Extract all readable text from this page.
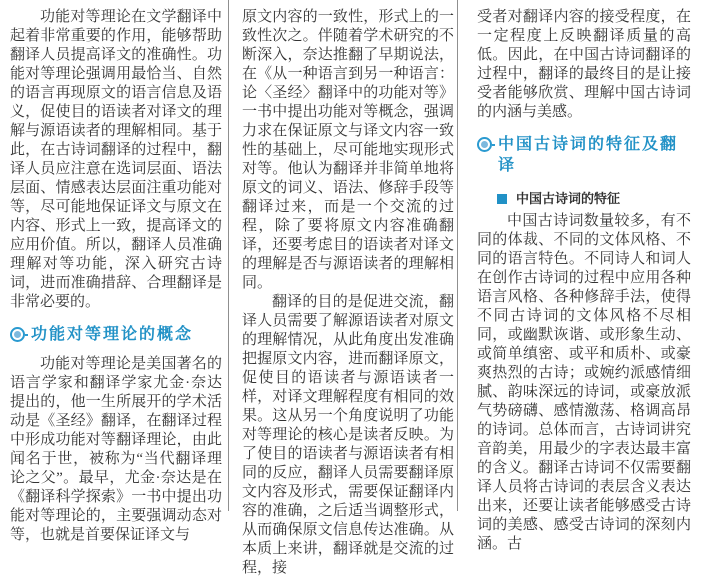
功能对等理论在文学翻译中起着非常重要的作用，能够帮助翻译人员提高译文的准确性。功能对等理论强调用最恰当、自然的语言再现原文的语言信息及语义，促使目的语读者对译文的理解与源语读者的理解相同。基于此，在古诗词翻译的过程中，翻译人员应注意在选词层面、语法层面、情感表达层面注重功能对等，尽可能地保证译文与原文在内容、形式上一致，提高译文的应用价值。所以，翻译人员准确理解对等功能，深入研究古诗词，进而准确措辞、合理翻译是非常必要的。

功能对等理论的概念

功能对等理论是美国著名的语言学家和翻译学家尤金·奈达提出的，他一生所展开的学术活动是《圣经》翻译，在翻译过程中形成功能对等翻译理论，由此闻名于世，被称为“当代翻译理论之父”。最早，尤金·奈达是在《翻译科学探索》一书中提出功能对等理论的，主要强调动态对等，也就是首要保证译文与

原文内容的一致性，形式上的一致性次之。伴随着学术研究的不断深入，奈达推翻了早期说法，在《从一种语言到另一种语言：论〈圣经〉翻译中的功能对等》一书中提出功能对等概念，强调力求在保证原文与译文内容一致性的基础上，尽可能地实现形式对等。他认为翻译并非简单地将原文的词义、语法、修辞手段等翻译过来，而是一个交流的过程，除了要将原文内容准确翻译，还要考虑目的语读者对译文的理解是否与源语读者的理解相同。

翻译的目的是促进交流，翻译人员需要了解源语读者对原文的理解情况，从此角度出发准确把握原文内容，进而翻译原文，促使目的语读者与源语读者一样，对译文理解程度有相同的效果。这从另一个角度说明了功能对等理论的核心是读者反映。为了使目的语读者与源语读者有相同的反应，翻译人员需要翻译原文内容及形式，需要保证翻译内容的准确，之后适当调整形式，从而确保原文信息传达准确。从本质上来讲，翻译就是交流的过程，接

受者对翻译内容的接受程度，在一定程度上反映翻译质量的高低。因此，在中国古诗词翻译的过程中，翻译的最终目的是让接受者能够欣赏、理解中国古诗词的内涵与美感。

中国古诗词的特征及翻译
中国古诗词的特征

中国古诗词数量较多，有不同的体裁、不同的文体风格、不同的语言特色。不同诗人和词人在创作古诗词的过程中应用各种语言风格、各种修辞手法，使得不同古诗词的文体风格不尽相同，或幽默诙谐、或形象生动、或简单缜密、或平和质朴、或豪爽热烈的古诗；或婉约派感情细腻、韵味深远的诗词，或豪放派气势磅礴、感情激荡、格调高昂的诗词。总体而言，古诗词讲究音韵美，用最少的字表达最丰富的含义。翻译古诗词不仅需要翻译人员将古诗词的表层含义表达出来，还要让读者能够感受古诗词的美感、感受古诗词的深刻内涵。古
